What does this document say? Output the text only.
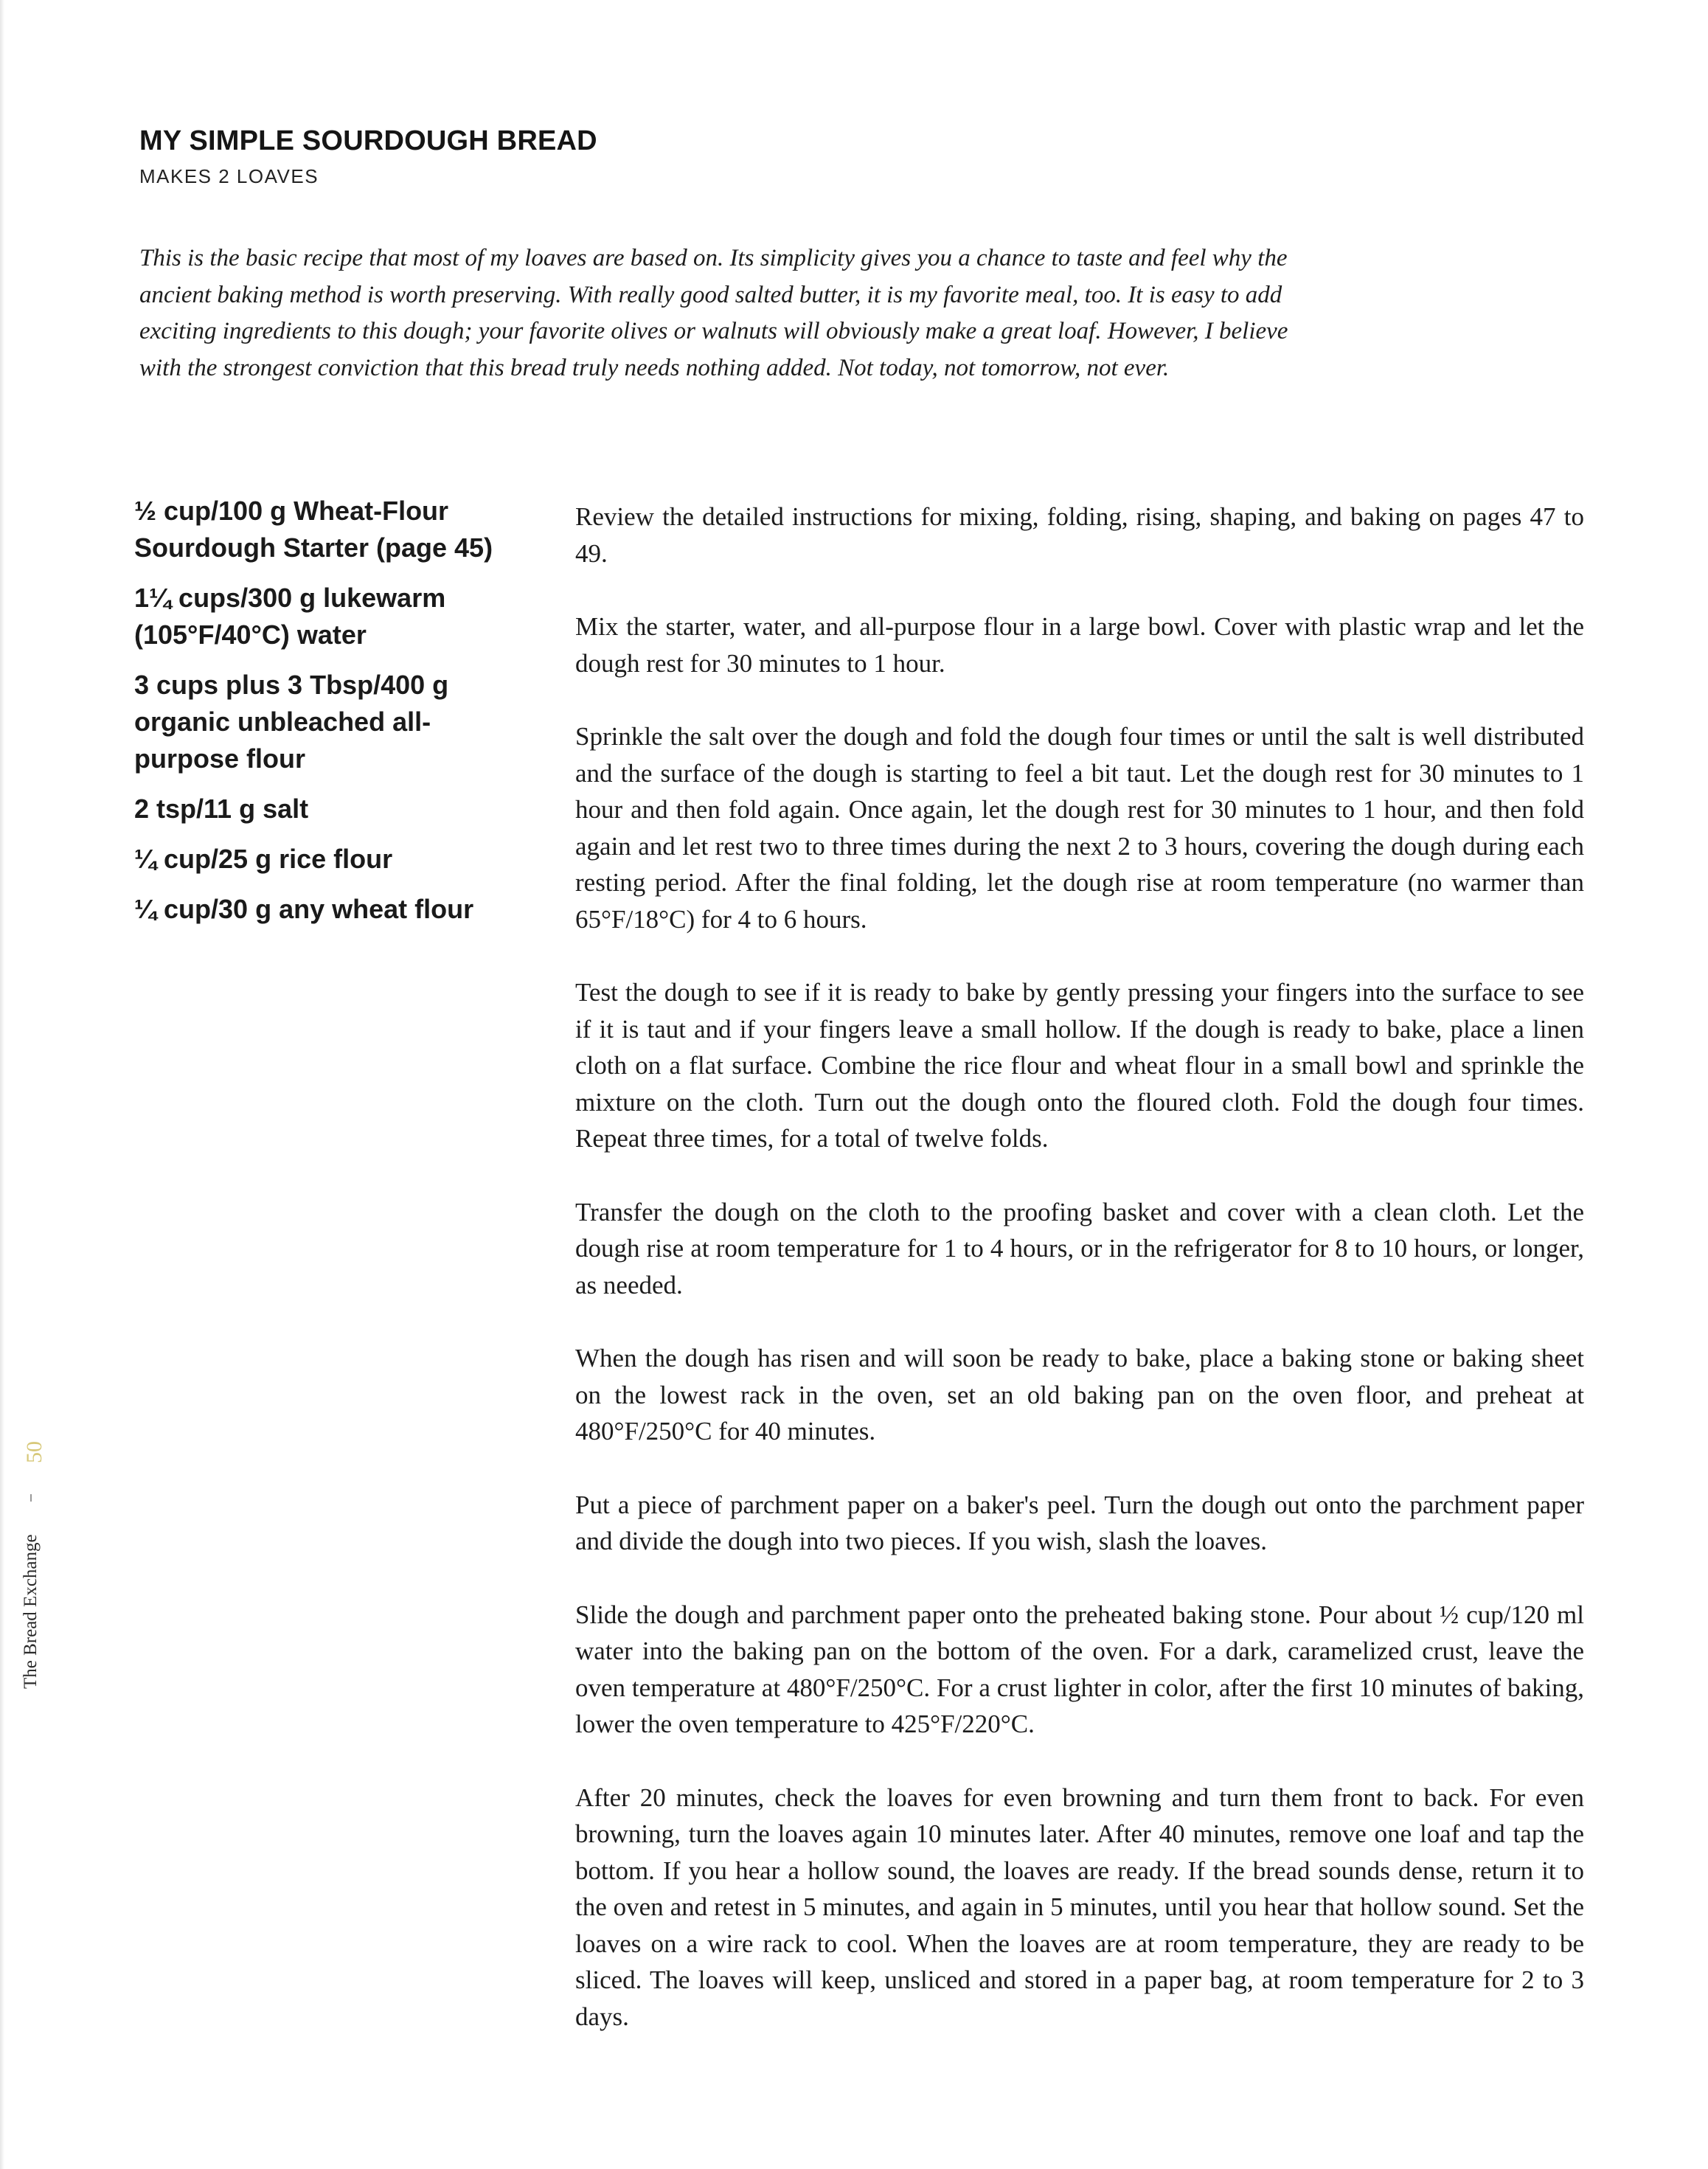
MY SIMPLE SOURDOUGH BREAD
MAKES 2 LOAVES

This is the basic recipe that most of my loaves are based on. Its simplicity gives you a chance to taste and feel why the ancient baking method is worth preserving. With really good salted butter, it is my favorite meal, too. It is easy to add exciting ingredients to this dough; your favorite olives or walnuts will obviously make a great loaf. However, I believe with the strongest conviction that this bread truly needs nothing added. Not today, not tomorrow, not ever.

½ cup/100 g Wheat-Flour Sourdough Starter (page 45)
1¼ cups/300 g lukewarm (105°F/40°C) water
3 cups plus 3 Tbsp/400 g organic unbleached all-purpose flour
2 tsp/11 g salt
¼ cup/25 g rice flour
¼ cup/30 g any wheat flour

Review the detailed instructions for mixing, folding, rising, shaping, and baking on pages 47 to 49.

Mix the starter, water, and all-purpose flour in a large bowl. Cover with plastic wrap and let the dough rest for 30 minutes to 1 hour.

Sprinkle the salt over the dough and fold the dough four times or until the salt is well distributed and the surface of the dough is starting to feel a bit taut. Let the dough rest for 30 minutes to 1 hour and then fold again. Once again, let the dough rest for 30 minutes to 1 hour, and then fold again and let rest two to three times during the next 2 to 3 hours, covering the dough during each resting period. After the final folding, let the dough rise at room temperature (no warmer than 65°F/18°C) for 4 to 6 hours.

Test the dough to see if it is ready to bake by gently pressing your fingers into the surface to see if it is taut and if your fingers leave a small hollow. If the dough is ready to bake, place a linen cloth on a flat surface. Combine the rice flour and wheat flour in a small bowl and sprinkle the mixture on the cloth. Turn out the dough onto the floured cloth. Fold the dough four times. Repeat three times, for a total of twelve folds.

Transfer the dough on the cloth to the proofing basket and cover with a clean cloth. Let the dough rise at room temperature for 1 to 4 hours, or in the refrigerator for 8 to 10 hours, or longer, as needed.

When the dough has risen and will soon be ready to bake, place a baking stone or baking sheet on the lowest rack in the oven, set an old baking pan on the oven floor, and preheat at 480°F/250°C for 40 minutes.

Put a piece of parchment paper on a baker's peel. Turn the dough out onto the parchment paper and divide the dough into two pieces. If you wish, slash the loaves.

Slide the dough and parchment paper onto the preheated baking stone. Pour about ½ cup/120 ml water into the baking pan on the bottom of the oven. For a dark, caramelized crust, leave the oven temperature at 480°F/250°C. For a crust lighter in color, after the first 10 minutes of baking, lower the oven temperature to 425°F/220°C.

After 20 minutes, check the loaves for even browning and turn them front to back. For even browning, turn the loaves again 10 minutes later. After 40 minutes, remove one loaf and tap the bottom. If you hear a hollow sound, the loaves are ready. If the bread sounds dense, return it to the oven and retest in 5 minutes, and again in 5 minutes, until you hear that hollow sound. Set the loaves on a wire rack to cool. When the loaves are at room temperature, they are ready to be sliced. The loaves will keep, unsliced and stored in a paper bag, at room temperature for 2 to 3 days.

50
The Bread Exchange
